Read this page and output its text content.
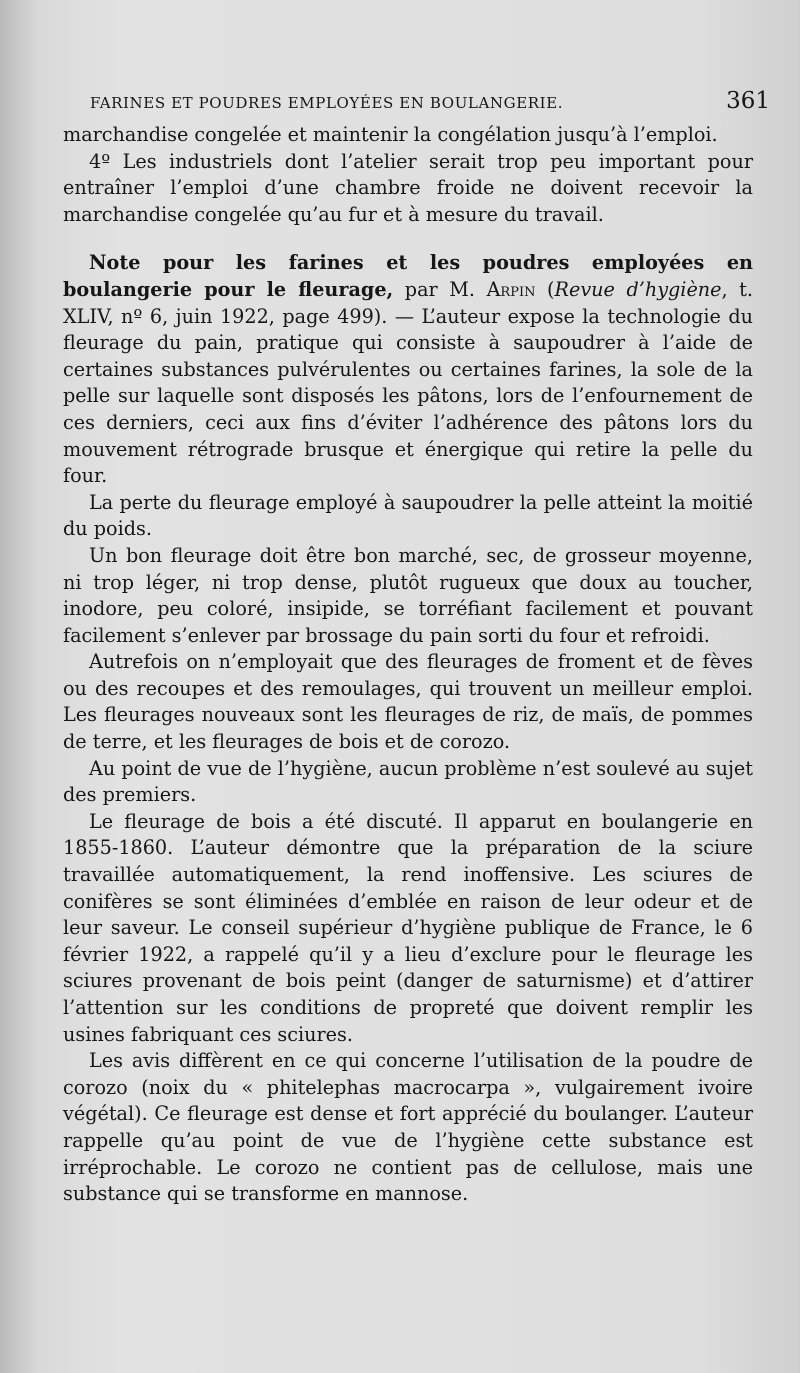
FARINES ET POUDRES EMPLOYÉES EN BOULANGERIE.	361

marchandise congelée et maintenir la congélation jusqu’à l’emploi.

4º Les industriels dont l’atelier serait trop peu important pour entraîner l’emploi d’une chambre froide ne doivent recevoir la marchandise congelée qu’au fur et à mesure du travail.

Note pour les farines et les poudres employées en boulangerie pour le fleurage, par M. Arpin (Revue d’hygiène, t. XLIV, nº 6, juin 1922, page 499). — L’auteur expose la technologie du fleurage du pain, pratique qui consiste à saupoudrer à l’aide de certaines substances pulvérulentes ou certaines farines, la sole de la pelle sur laquelle sont disposés les pâtons, lors de l’enfournement de ces derniers, ceci aux fins d’éviter l’adhérence des pâtons lors du mouvement rétrograde brusque et énergique qui retire la pelle du four.

La perte du fleurage employé à saupoudrer la pelle atteint la moitié du poids.

Un bon fleurage doit être bon marché, sec, de grosseur moyenne, ni trop léger, ni trop dense, plutôt rugueux que doux au toucher, inodore, peu coloré, insipide, se torréfiant facilement et pouvant facilement s’enlever par brossage du pain sorti du four et refroidi.

Autrefois on n’employait que des fleurages de froment et de fèves ou des recoupes et des remoulages, qui trouvent un meilleur emploi. Les fleurages nouveaux sont les fleurages de riz, de maïs, de pommes de terre, et les fleurages de bois et de corozo.

Au point de vue de l’hygiène, aucun problème n’est soulevé au sujet des premiers.

Le fleurage de bois a été discuté. Il apparut en boulangerie en 1855-1860. L’auteur démontre que la préparation de la sciure travaillée automatiquement, la rend inoffensive. Les sciures de conifères se sont éliminées d’emblée en raison de leur odeur et de leur saveur. Le conseil supérieur d’hygiène publique de France, le 6 février 1922, a rappelé qu’il y a lieu d’exclure pour le fleurage les sciures provenant de bois peint (danger de saturnisme) et d’attirer l’attention sur les conditions de propreté que doivent remplir les usines fabriquant ces sciures.

Les avis diffèrent en ce qui concerne l’utilisation de la poudre de corozo (noix du « phitelephas macrocarpa », vulgairement ivoire végétal). Ce fleurage est dense et fort apprécié du boulanger. L’auteur rappelle qu’au point de vue de l’hygiène cette substance est irréprochable. Le corozo ne contient pas de cellulose, mais une substance qui se transforme en mannose.
